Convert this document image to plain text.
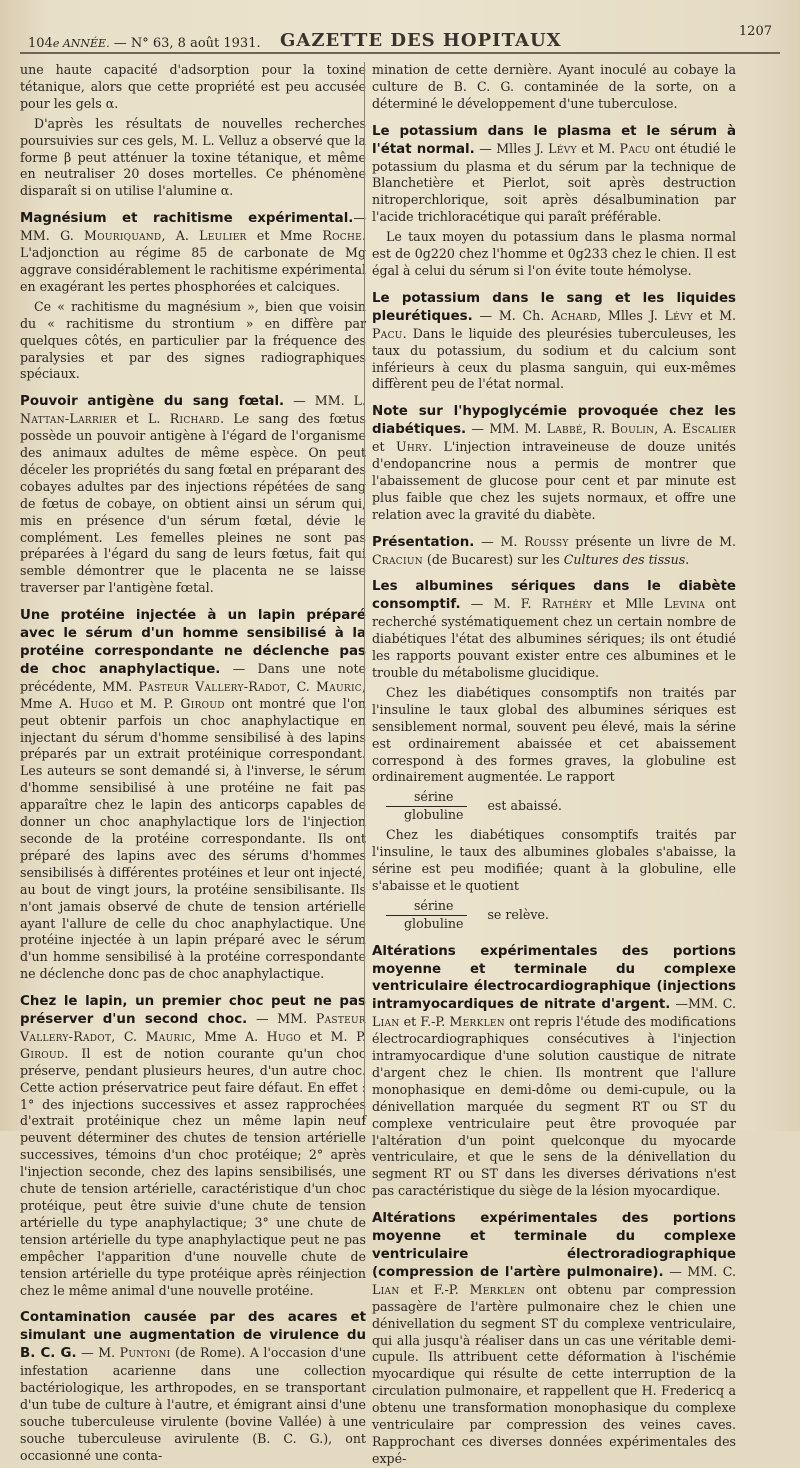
104e ANNÉE. — N° 63, 8 août 1931. GAZETTE DES HOPITAUX	1207

une haute capacité d'adsorption pour la toxine tétanique, alors que cette propriété est peu accusée pour les gels α.

D'après les résultats de nouvelles recherches poursuivies sur ces gels, M. L. Velluz a observé que la forme β peut atténuer la toxine tétanique, et même en neutraliser 20 doses mortelles. Ce phénomène disparaît si on utilise l'alumine α.

Magnésium et rachitisme expérimental.— MM. G. Mouriquand, A. Leulier et Mme Roche. L'adjonction au régime 85 de carbonate de Mg aggrave considérablement le rachitisme expérimental en exagérant les pertes phosphorées et calciques.

Ce « rachitisme du magnésium », bien que voisin du « rachitisme du strontium » en diffère par quelques côtés, en particulier par la fréquence des paralysies et par des signes radiographiques spéciaux.

Pouvoir antigène du sang fœtal. — MM. L. Nattan-Larrier et L. Richard. Le sang des fœtus possède un pouvoir antigène à l'égard de l'organisme des animaux adultes de même espèce. On peut déceler les propriétés du sang fœtal en préparant des cobayes adultes par des injections répétées de sang de fœtus de cobaye, on obtient ainsi un sérum qui, mis en présence d'un sérum fœtal, dévie le complément. Les femelles pleines ne sont pas préparées à l'égard du sang de leurs fœtus, fait qui semble démontrer que le placenta ne se laisse traverser par l'antigène fœtal.

Une protéine injectée à un lapin préparé avec le sérum d'un homme sensibilisé à la protéine correspondante ne déclenche pas de choc anaphylactique. — Dans une note précédente, MM. Pasteur Vallery-Radot, C. Mauric, Mme A. Hugo et M. P. Giroud ont montré que l'on peut obtenir parfois un choc anaphylactique en injectant du sérum d'homme sensibilisé à des lapins préparés par un extrait protéinique correspondant. Les auteurs se sont demandé si, à l'inverse, le sérum d'homme sensibilisé à une protéine ne fait pas apparaître chez le lapin des anticorps capables de donner un choc anaphylactique lors de l'injection seconde de la protéine correspondante. Ils ont préparé des lapins avec des sérums d'hommes sensibilisés à différentes protéines et leur ont injecté, au bout de vingt jours, la protéine sensibilisante. Ils n'ont jamais observé de chute de tension artérielle ayant l'allure de celle du choc anaphylactique. Une protéine injectée à un lapin préparé avec le sérum d'un homme sensibilisé à la protéine correspondante ne déclenche donc pas de choc anaphylactique.

Chez le lapin, un premier choc peut ne pas préserver d'un second choc. — MM. Pasteur Vallery-Radot, C. Mauric, Mme A. Hugo et M. P. Giroud. Il est de notion courante qu'un choc préserve, pendant plusieurs heures, d'un autre choc. Cette action préservatrice peut faire défaut. En effet : 1° des injections successives et assez rapprochées d'extrait protéinique chez un même lapin neuf peuvent déterminer des chutes de tension artérielle successives, témoins d'un choc protéique; 2° après l'injection seconde, chez des lapins sensibilisés, une chute de tension artérielle, caractéristique d'un choc protéique, peut être suivie d'une chute de tension artérielle du type anaphylactique; 3° une chute de tension artérielle du type anaphylactique peut ne pas empêcher l'apparition d'une nouvelle chute de tension artérielle du type protéique après réinjection chez le même animal d'une nouvelle protéine.

Contamination causée par des acares et simulant une augmentation de virulence du B. C. G. — M. Puntoni (de Rome). A l'occasion d'une infestation acarienne dans une collection bactériologique, les arthropodes, en se transportant d'un tube de culture à l'autre, et émigrant ainsi d'une souche tuberculeuse virulente (bovine Vallée) à une souche tuberculeuse avirulente (B. C. G.), ont occasionné une conta-

mination de cette dernière. Ayant inoculé au cobaye la culture de B. C. G. contaminée de la sorte, on a déterminé le développement d'une tuberculose.

Le potassium dans le plasma et le sérum à l'état normal. — Mlles J. Lévy et M. Pacu ont étudié le potassium du plasma et du sérum par la technique de Blanchetière et Pierlot, soit après destruction nitroperchlorique, soit après désalbumination par l'acide trichloracétique qui paraît préférable.

Le taux moyen du potassium dans le plasma normal est de 0g220 chez l'homme et 0g233 chez le chien. Il est égal à celui du sérum si l'on évite toute hémolyse.

Le potassium dans le sang et les liquides pleurétiques. — M. Ch. Achard, Mlles J. Lévy et M. Pacu. Dans le liquide des pleurésies tuberculeuses, les taux du potassium, du sodium et du calcium sont inférieurs à ceux du plasma sanguin, qui eux-mêmes diffèrent peu de l'état normal.

Note sur l'hypoglycémie provoquée chez les diabétiques. — MM. M. Labbé, R. Boulin, A. Escalier et Uhry. L'injection intraveineuse de douze unités d'endopancrine nous a permis de montrer que l'abaissement de glucose pour cent et par minute est plus faible que chez les sujets normaux, et offre une relation avec la gravité du diabète.

Présentation. — M. Roussy présente un livre de M. Craciun (de Bucarest) sur les Cultures des tissus.

Les albumines sériques dans le diabète consomptif. — M. F. Rathéry et Mlle Levina ont recherché systématiquement chez un certain nombre de diabétiques l'état des albumines sériques; ils ont étudié les rapports pouvant exister entre ces albumines et le trouble du métabolisme glucidique.

Chez les diabétiques consomptifs non traités par l'insuline le taux global des albumines sériques est sensiblement normal, souvent peu élevé, mais la sérine est ordinairement abaissée et cet abaissement correspond à des formes graves, la globuline est ordinairement augmentée. Le rapport
$\frac{\text{sérine}}{\text{globuline}}$ est abaissé.

Chez les diabétiques consomptifs traités par l'insuline, le taux des albumines globales s'abaisse, la sérine est peu modifiée; quant à la globuline, elle s'abaisse et le quotient
$\frac{\text{sérine}}{\text{globuline}}$ se relève.

Altérations expérimentales des portions moyenne et terminale du complexe ventriculaire électrocardiographique (injections intramyocardiques de nitrate d'argent. —MM. C. Lian et F.-P. Merklen ont repris l'étude des modifications électrocardiographiques consécutives à l'injection intramyocardique d'une solution caustique de nitrate d'argent chez le chien. Ils montrent que l'allure monophasique en demi-dôme ou demi-cupule, ou la dénivellation marquée du segment RT ou ST du complexe ventriculaire peut être provoquée par l'altération d'un point quelconque du myocarde ventriculaire, et que le sens de la dénivellation du segment RT ou ST dans les diverses dérivations n'est pas caractéristique du siège de la lésion myocardique.

Altérations expérimentales des portions moyenne et terminale du complexe ventriculaire électroradiographique (compression de l'artère pulmonaire). — MM. C. Lian et F.-P. Merklen ont obtenu par compression passagère de l'artère pulmonaire chez le chien une dénivellation du segment ST du complexe ventriculaire, qui alla jusqu'à réaliser dans un cas une véritable demi-cupule. Ils attribuent cette déformation à l'ischémie myocardique qui résulte de cette interruption de la circulation pulmonaire, et rappellent que H. Fredericq a obtenu une transformation monophasique du complexe ventriculaire par compression des veines caves. Rapprochant ces diverses données expérimentales des expé-
